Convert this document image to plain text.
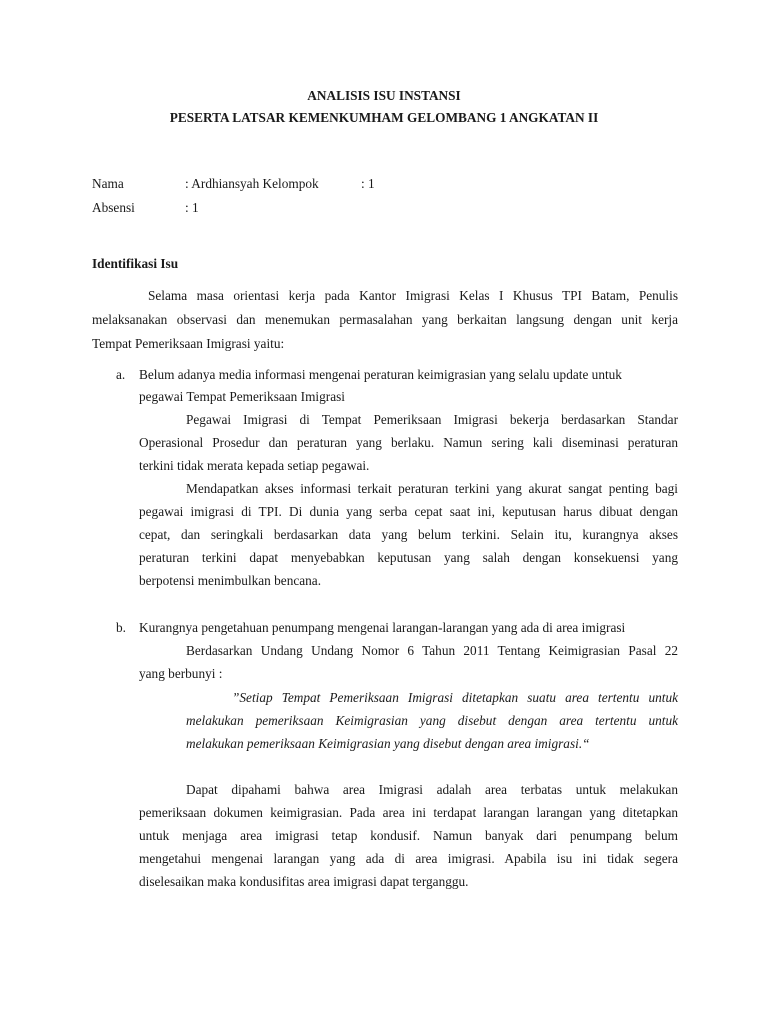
ANALISIS ISU INSTANSI
PESERTA LATSAR KEMENKUMHAM GELOMBANG 1 ANGKATAN II
Nama	: Ardhiansyah Kelompok	: 1
Absensi	: 1
Identifikasi Isu
Selama masa orientasi kerja pada Kantor Imigrasi Kelas I Khusus TPI Batam, Penulis
melaksanakan observasi dan menemukan permasalahan yang berkaitan langsung dengan unit kerja
Tempat Pemeriksaan Imigrasi yaitu:
a. Belum adanya media informasi mengenai peraturan keimigrasian yang selalu update untuk
pegawai Tempat Pemeriksaan Imigrasi
Pegawai Imigrasi di Tempat Pemeriksaan Imigrasi bekerja berdasarkan Standar
Operasional Prosedur dan peraturan yang berlaku. Namun sering kali diseminasi peraturan
terkini tidak merata kepada setiap pegawai.
Mendapatkan akses informasi terkait peraturan terkini yang akurat sangat penting bagi
pegawai imigrasi di TPI. Di dunia yang serba cepat saat ini, keputusan harus dibuat dengan
cepat, dan seringkali berdasarkan data yang belum terkini. Selain itu, kurangnya akses
peraturan terkini dapat menyebabkan keputusan yang salah dengan konsekuensi yang
berpotensi menimbulkan bencana.
b. Kurangnya pengetahuan penumpang mengenai larangan-larangan yang ada di area imigrasi
Berdasarkan Undang Undang Nomor 6 Tahun 2011 Tentang Keimigrasian Pasal 22
yang berbunyi :
”Setiap Tempat Pemeriksaan Imigrasi ditetapkan suatu area tertentu untuk
melakukan pemeriksaan Keimigrasian yang disebut dengan area tertentu untuk
melakukan pemeriksaan Keimigrasian yang disebut dengan area imigrasi.“
Dapat dipahami bahwa area Imigrasi adalah area terbatas untuk melakukan
pemeriksaan dokumen keimigrasian. Pada area ini terdapat larangan larangan yang ditetapkan
untuk menjaga area imigrasi tetap kondusif. Namun banyak dari penumpang belum
mengetahui mengenai larangan yang ada di area imigrasi. Apabila isu ini tidak segera
diselesaikan maka kondusifitas area imigrasi dapat terganggu.
